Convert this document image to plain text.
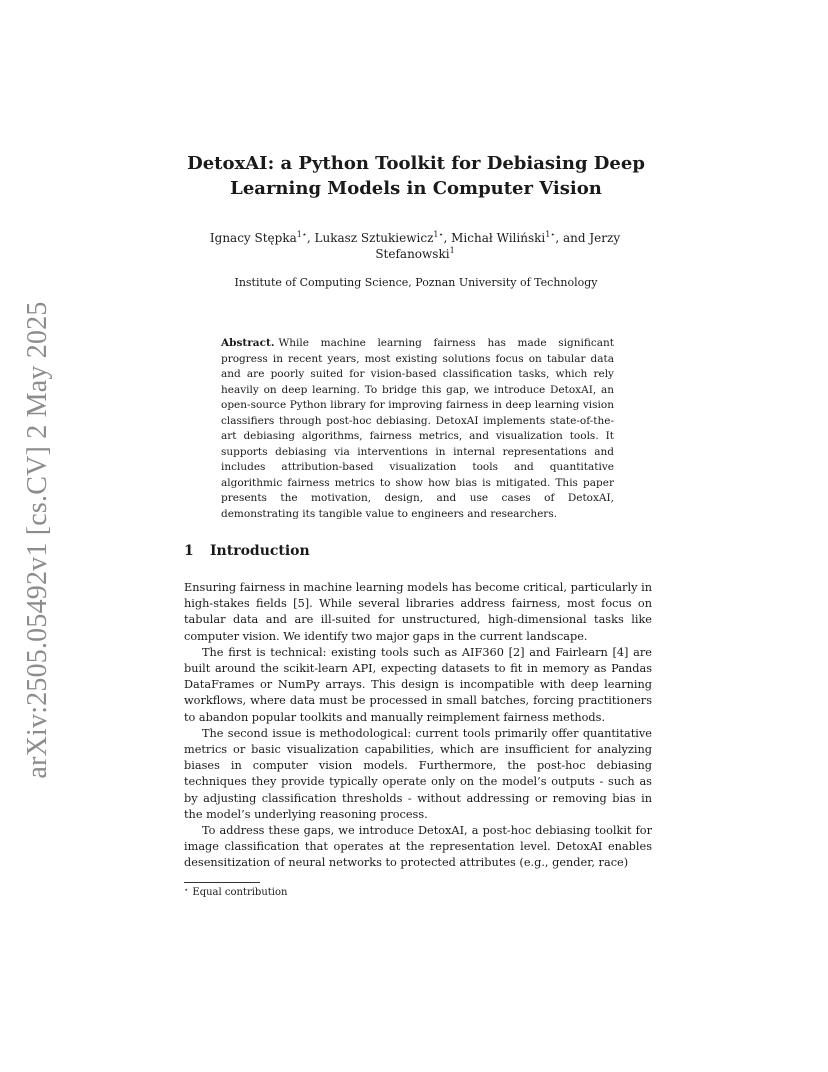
arXiv:2505.05492v1 [cs.CV] 2 May 2025
DetoxAI: a Python Toolkit for Debiasing Deep Learning Models in Computer Vision
Ignacy Stępka$^{1⋆}$, Lukasz Sztukiewicz$^{1⋆}$, Michał Wiliński$^{1⋆}$, and Jerzy Stefanowski$^1$
Institute of Computing Science, Poznan University of Technology
Abstract. While machine learning fairness has made significant progress in recent years, most existing solutions focus on tabular data and are poorly suited for vision-based classification tasks, which rely heavily on deep learning. To bridge this gap, we introduce DetoxAI, an open-source Python library for improving fairness in deep learning vision classifiers through post-hoc debiasing. DetoxAI implements state-of-the-art debiasing algorithms, fairness metrics, and visualization tools. It supports debiasing via interventions in internal representations and includes attribution-based visualization tools and quantitative algorithmic fairness metrics to show how bias is mitigated. This paper presents the motivation, design, and use cases of DetoxAI, demonstrating its tangible value to engineers and researchers.
1 Introduction

Ensuring fairness in machine learning models has become critical, particularly in high-stakes fields [5]. While several libraries address fairness, most focus on tabular data and are ill-suited for unstructured, high-dimensional tasks like computer vision. We identify two major gaps in the current landscape.

The first is technical: existing tools such as AIF360 [2] and Fairlearn [4] are built around the scikit-learn API, expecting datasets to fit in memory as Pandas DataFrames or NumPy arrays. This design is incompatible with deep learning workflows, where data must be processed in small batches, forcing practitioners to abandon popular toolkits and manually reimplement fairness methods.

The second issue is methodological: current tools primarily offer quantitative metrics or basic visualization capabilities, which are insufficient for analyzing biases in computer vision models. Furthermore, the post-hoc debiasing techniques they provide typically operate only on the model’s outputs - such as by adjusting classification thresholds - without addressing or removing bias in the model’s underlying reasoning process.

To address these gaps, we introduce DetoxAI, a post-hoc debiasing toolkit for image classification that operates at the representation level. DetoxAI enables desensitization of neural networks to protected attributes (e.g., gender, race)

⋆ Equal contribution
